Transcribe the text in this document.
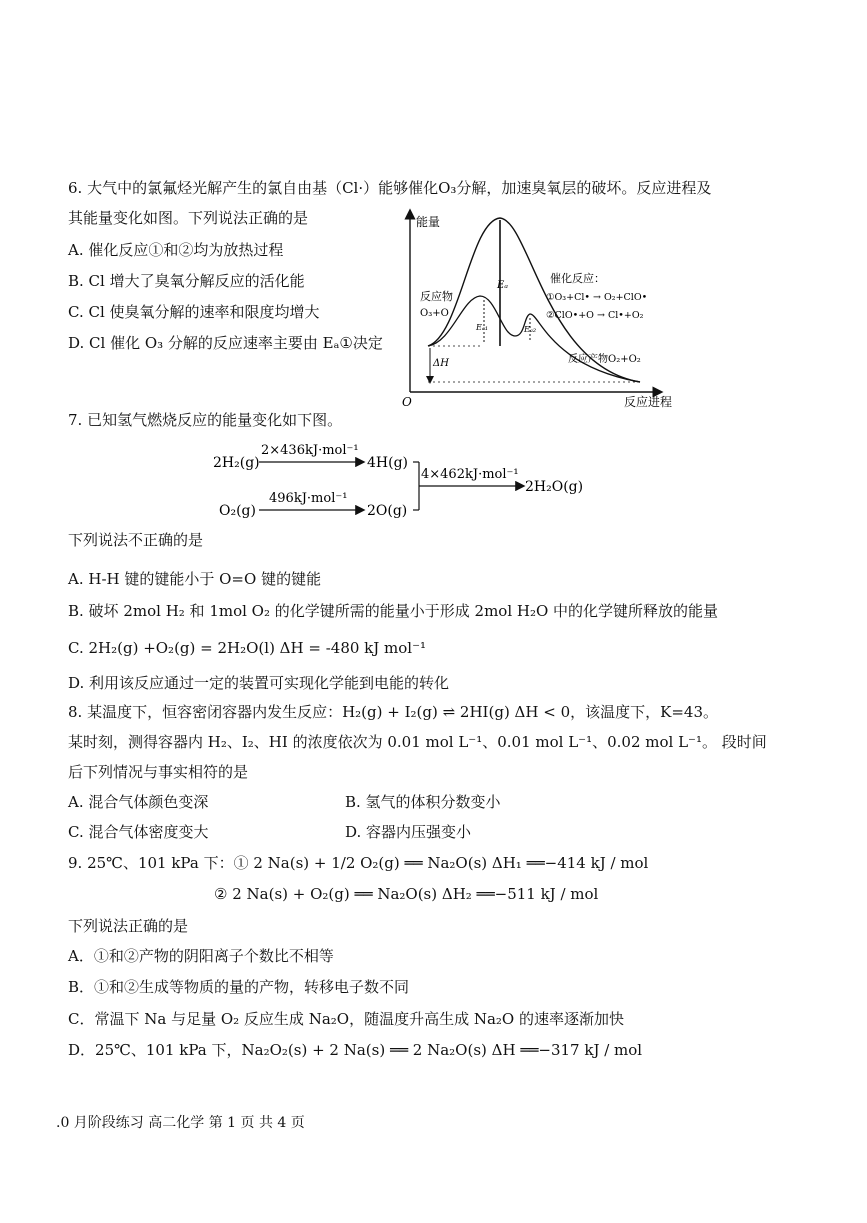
6. 大气中的氯氟烃光解产生的氯自由基（Cl·）能够催化O₃分解，加速臭氧层的破坏。反应进程及
其能量变化如图。下列说法正确的是
A. 催化反应①和②均为放热过程
B. Cl 增大了臭氧分解反应的活化能
C. Cl 使臭氧分解的速率和限度均增大
D. Cl 催化 O₃ 分解的反应速率主要由 Eₐ①决定
能量
O	反应进程
Eₐ
Eₐ₁	Eₐ₂
ΔH
反应物
O₃+O
催化反应：
①O₃+Cl• → O₂+ClO•
②ClO•+O → Cl•+O₂
反应产物O₂+O₂
7. 已知氢气燃烧反应的能量变化如下图。
2H₂(g)
2×436kJ·mol⁻¹
4H(g)
O₂(g)
496kJ·mol⁻¹
2O(g)
4×462kJ·mol⁻¹
2H₂O(g)
下列说法不正确的是
A. H-H 键的键能小于 O=O 键的键能
B. 破坏 2mol H₂ 和 1mol O₂ 的化学键所需的能量小于形成 2mol H₂O 中的化学键所释放的能量
C. 2H₂(g) +O₂(g) = 2H₂O(l) ΔH = -480 kJ mol⁻¹
D. 利用该反应通过一定的装置可实现化学能到电能的转化
8. 某温度下，恒容密闭容器内发生反应：H₂(g) + I₂(g) ⇌ 2HI(g) ΔH < 0，该温度下，K=43。
某时刻，测得容器内 H₂、I₂、HI 的浓度依次为 0.01 mol L⁻¹、0.01 mol L⁻¹、0.02 mol L⁻¹。 段时间
后下列情况与事实相符的是
A. 混合气体颜色变深	B. 氢气的体积分数变小
C. 混合气体密度变大	D. 容器内压强变小
9. 25℃、101 kPa 下：① 2 Na(s) + 1/2 O₂(g) ══ Na₂O(s) ΔH₁ ══−414 kJ / mol
② 2 Na(s) + O₂(g) ══ Na₂O(s) ΔH₂ ══−511 kJ / mol
下列说法正确的是
A．①和②产物的阴阳离子个数比不相等
B．①和②生成等物质的量的产物，转移电子数不同
C．常温下 Na 与足量 O₂ 反应生成 Na₂O，随温度升高生成 Na₂O 的速率逐渐加快
D．25℃、101 kPa 下，Na₂O₂(s) + 2 Na(s) ══ 2 Na₂O(s) ΔH ══−317 kJ / mol
.0 月阶段练习 高二化学 第 1 页 共 4 页
